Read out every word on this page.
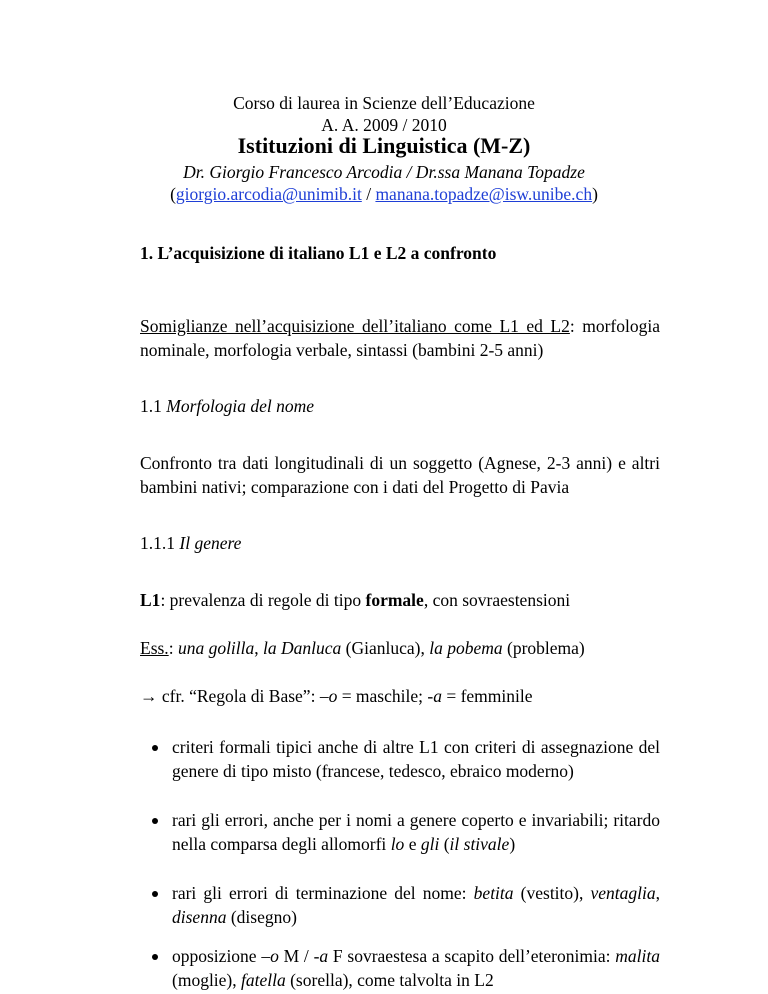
Corso di laurea in Scienze dell’Educazione
A. A. 2009 / 2010
Istituzioni di Linguistica (M-Z)
Dr. Giorgio Francesco Arcodia / Dr.ssa Manana Topadze
(giorgio.arcodia@unimib.it / manana.topadze@isw.unibe.ch)
1. L’acquisizione di italiano L1 e L2 a confronto
Somiglianze nell’acquisizione dell’italiano come L1 ed L2: morfologia nominale, morfologia verbale, sintassi (bambini 2-5 anni)
1.1 Morfologia del nome
Confronto tra dati longitudinali di un soggetto (Agnese, 2-3 anni) e altri bambini nativi; comparazione con i dati del Progetto di Pavia
1.1.1 Il genere
L1: prevalenza di regole di tipo formale, con sovraestensioni
Ess.: una golilla, la Danluca (Gianluca), la pobema (problema)
→ cfr. “Regola di Base”: –o = maschile; -a = femminile
criteri formali tipici anche di altre L1 con criteri di assegnazione del genere di tipo misto (francese, tedesco, ebraico moderno)
rari gli errori, anche per i nomi a genere coperto e invariabili; ritardo nella comparsa degli allomorfi lo e gli (il stivale)
rari gli errori di terminazione del nome: betita (vestito), ventaglia, disenna (disegno)
opposizione –o M / -a F sovraestesa a scapito dell’eteronimia: malita (moglie), fatella (sorella), come talvolta in L2
